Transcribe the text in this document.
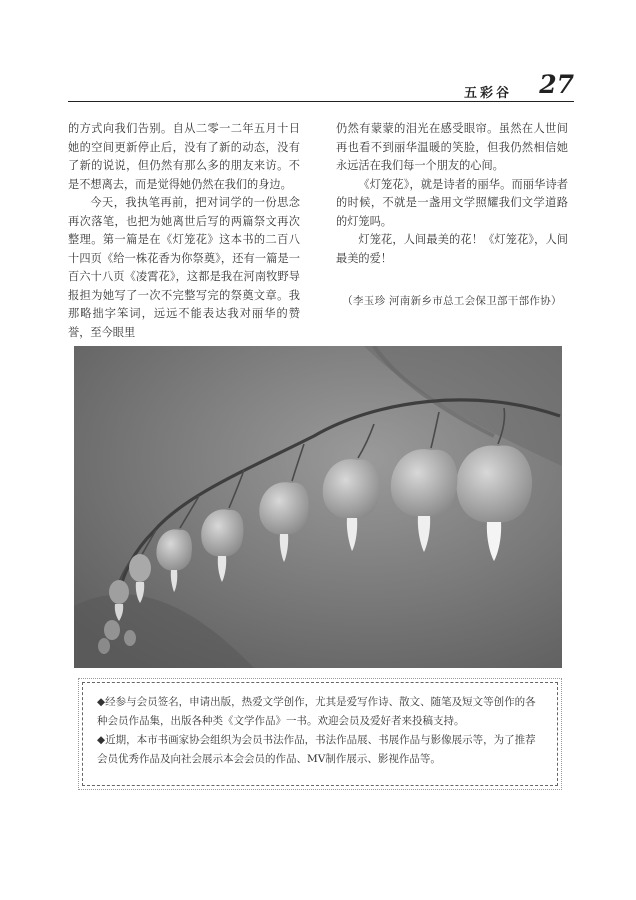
五彩谷 27

的方式向我们告别。自从二零一二年五月十日她的空间更新停止后，没有了新的动态，没有了新的说说，但仍然有那么多的朋友来访。不是不想离去，而是觉得她仍然在我们的身边。

今天，我执笔再前，把对词学的一份思念再次落笔，也把为她离世后写的两篇祭文再次整理。第一篇是在《灯笼花》这本书的二百八十四页《给一株花香为你祭奠》，还有一篇是一百六十八页《凌霄花》，这都是我在河南牧野导报担为她写了一次不完整写完的祭奠文章。我那略拙字笨词，远远不能表达我对丽华的赞誉，至今眼里

仍然有蒙蒙的泪光在感受眼帘。虽然在人世间再也看不到丽华温暖的笑脸，但我仍然相信她永远活在我们每一个朋友的心间。

《灯笼花》，就是诗者的丽华。而丽华诗者的时候，不就是一盏用文学照耀我们文学道路的灯笼吗。

灯笼花，人间最美的花！《灯笼花》，人间最美的爱！

（李玉珍 河南新乡市总工会保卫部干部作协）

◆经参与会员签名，申请出版，热爱文学创作，尤其是爱写作诗、散文、随笔及短文等创作的各种会员作品集，出版各种类《文学作品》一书。欢迎会员及爱好者来投稿支持。

◆近期，本市书画家协会组织为会员书法作品，书法作品展、书展作品与影像展示等，为了推荐会员优秀作品及向社会展示本会会员的作品、MV制作展示、影视作品等。
